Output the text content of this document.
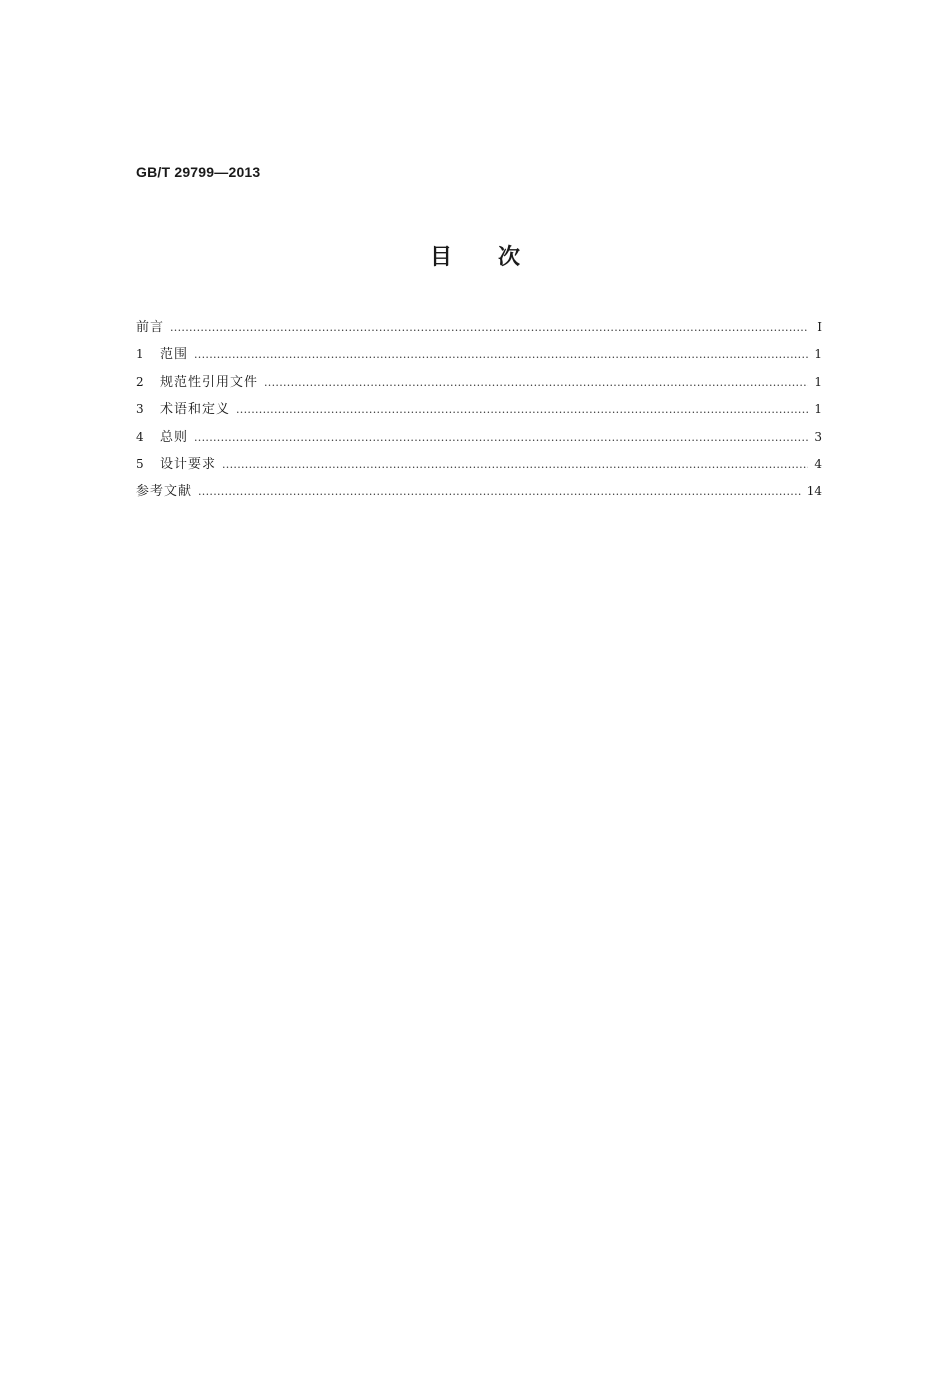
GB/T 29799—2013
目 次
前言 .....	Ⅰ
1	范围 .....	1
2	规范性引用文件 .....	1
3	术语和定义 .....	1
4	总则 .....	3
5	设计要求 .....	4
参考文献 .....	14
